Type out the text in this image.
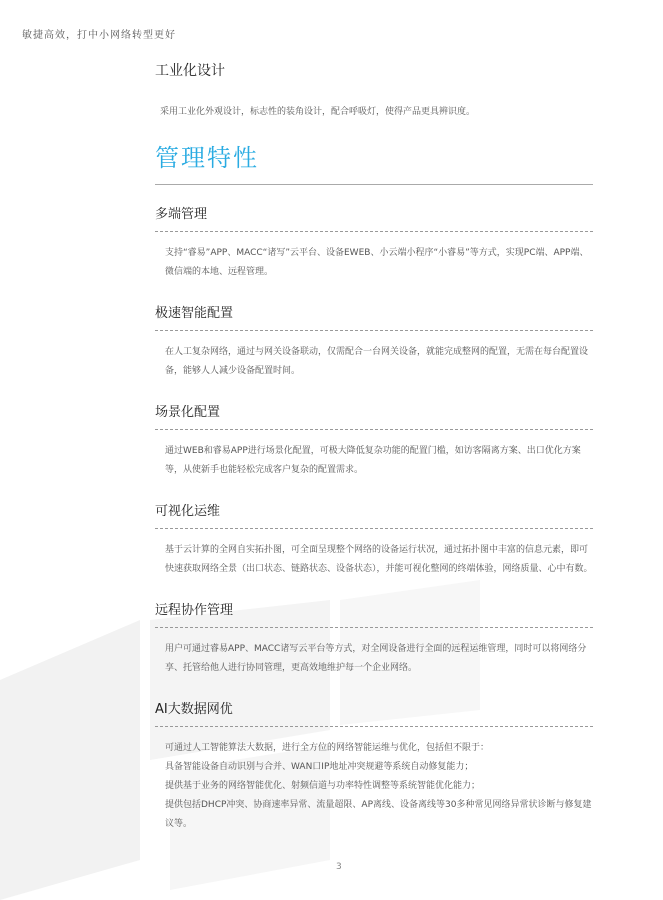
敏捷高效，打中小网络转型更好
工业化设计
采用工业化外观设计，标志性的装角设计，配合呼吸灯，使得产品更具辨识度。
管理特性
多端管理

支持“睿易”APP、MACC“诸写”云平台、设备EWEB、小云端小程序“小睿易”等方式，实现PC端、APP端、微信端的本地、远程管理。

极速智能配置

在人工复杂网络，通过与网关设备联动，仅需配合一台网关设备，就能完成整网的配置，无需在每台配置设备，能够人人减少设备配置时间。

场景化配置

通过WEB和睿易APP进行场景化配置，可极大降低复杂功能的配置门槛，如访客隔离方案、出口优化方案等，从使新手也能轻松完成客户复杂的配置需求。

可视化运维

基于云计算的全网自实拓扑图，可全面呈现整个网络的设备运行状况，通过拓扑图中丰富的信息元素，即可快速获取网络全景（出口状态、链路状态、设备状态），并能可视化整网的终端体验，网络质量、心中有数。

远程协作管理

用户可通过睿易APP、MACC诸写云平台等方式，对全网设备进行全面的远程运维管理，同时可以将网络分享、托管给他人进行协同管理，更高效地维护每一个企业网络。

AI大数据网优

可通过人工智能算法大数据，进行全方位的网络智能运维与优化，包括但不限于：

具备智能设备自动识别与合并、WAN口IP地址冲突规避等系统自动修复能力；

提供基于业务的网络智能优化、射频信道与功率特性调整等系统智能优化能力；

提供包括DHCP冲突、协商速率异常、流量超限、AP离线、设备离线等30多种常见网络异常状诊断与修复建议等。

3
